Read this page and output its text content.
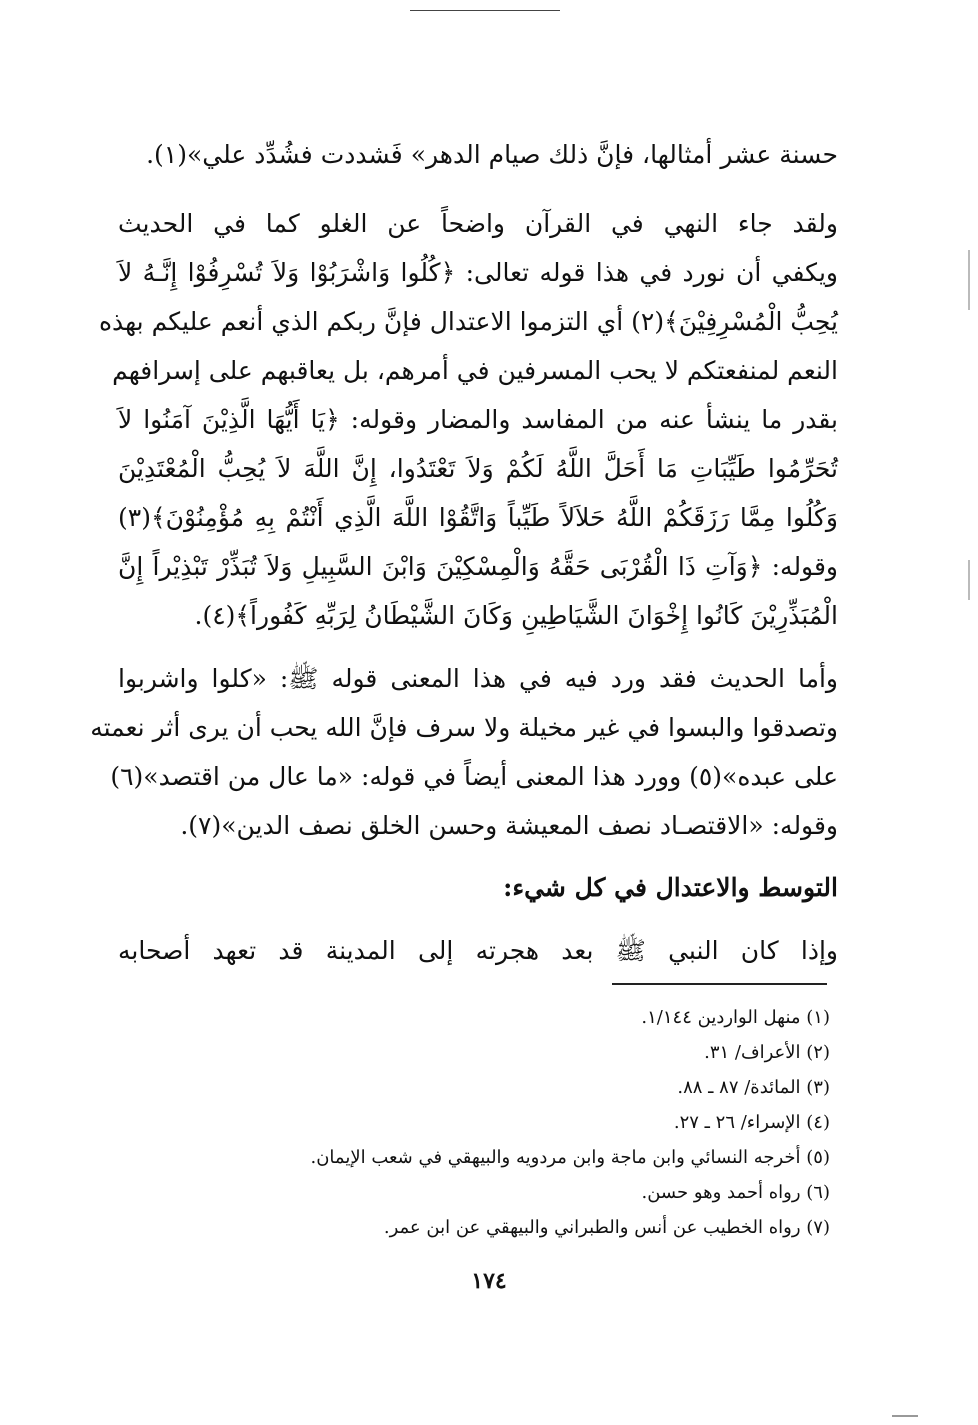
حسنة عشر أمثالها، فإنَّ ذلك صيام الدهر» فَشددت فشُدِّد علي»(١).

ولقد جاء النهي في القرآن واضحاً عن الغلو كما في الحديث
ويكفي أن نورد في هذا قوله تعالى: ﴿كُلُوا وَاشْرَبُوْا وَلاَ تُسْرِفُوْا إِنَّـهُ لاَ
يُحِبُّ الْمُسْرِفِيْنَ﴾(٢) أي التزموا الاعتدال فإنَّ ربكم الذي أنعم عليكم بهذه
النعم لمنفعتكم لا يحب المسرفين في أمرهم، بل يعاقبهم على إسرافهم
بقدر ما ينشأ عنه من المفاسد والمضار وقوله: ﴿يَا أَيُّهَا الَّذِيْنَ آمَنُوا لاَ
تُحَرِّمُوا طَيِّبَاتِ مَا أَحَلَّ اللَّهُ لَكُمْ وَلاَ تَعْتَدُوا، إِنَّ اللَّهَ لاَ يُحِبُّ الْمُعْتَدِيْنَ
وَكُلُوا مِمَّا رَزَقَكُمْ اللَّهُ حَلاَلاً طَيِّباً وَاتَّقُوْا اللَّهَ الَّذِي أَنْتُمْ بِهِ مُؤْمِنُوْنَ﴾(٣)
وقوله: ﴿وَآتِ ذَا الْقُرْبَى حَقَّهُ وَالْمِسْكِيْنَ وَابْنَ السَّبِيلِ وَلاَ تُبَذِّرْ تَبْذِيْراً إِنَّ
الْمُبَذِّرِيْنَ كَانُوا إِخْوَانَ الشَّيَاطِينِ وَكَانَ الشَّيْطَانُ لِرَبِّهِ كَفُوراً﴾(٤).

وأما الحديث فقد ورد فيه في هذا المعنى قوله ﷺ: «كلوا واشربوا
وتصدقوا والبسوا في غير مخيلة ولا سرف فإنَّ الله يحب أن يرى أثر نعمته
على عبده»(٥) وورد هذا المعنى أيضاً في قوله: «ما عال من اقتصد»(٦)
وقوله: «الاقتصـاد نصف المعيشة وحسن الخلق نصف الدين»(٧).

التوسط والاعتدال في كل شيء:

وإذا كان النبي ﷺ بعد هجرته إلى المدينة قد تعهد أصحابه

(١) منهل الواردين ١/١٤٤.
(٢) الأعراف/ ٣١.
(٣) المائدة/ ٨٧ ـ ٨٨.
(٤) الإسراء/ ٢٦ ـ ٢٧.
(٥) أخرجه النسائي وابن ماجة وابن مردويه والبيهقي في شعب الإيمان.
(٦) رواه أحمد وهو حسن.
(٧) رواه الخطيب عن أنس والطبراني والبيهقي عن ابن عمر.
١٧٤
